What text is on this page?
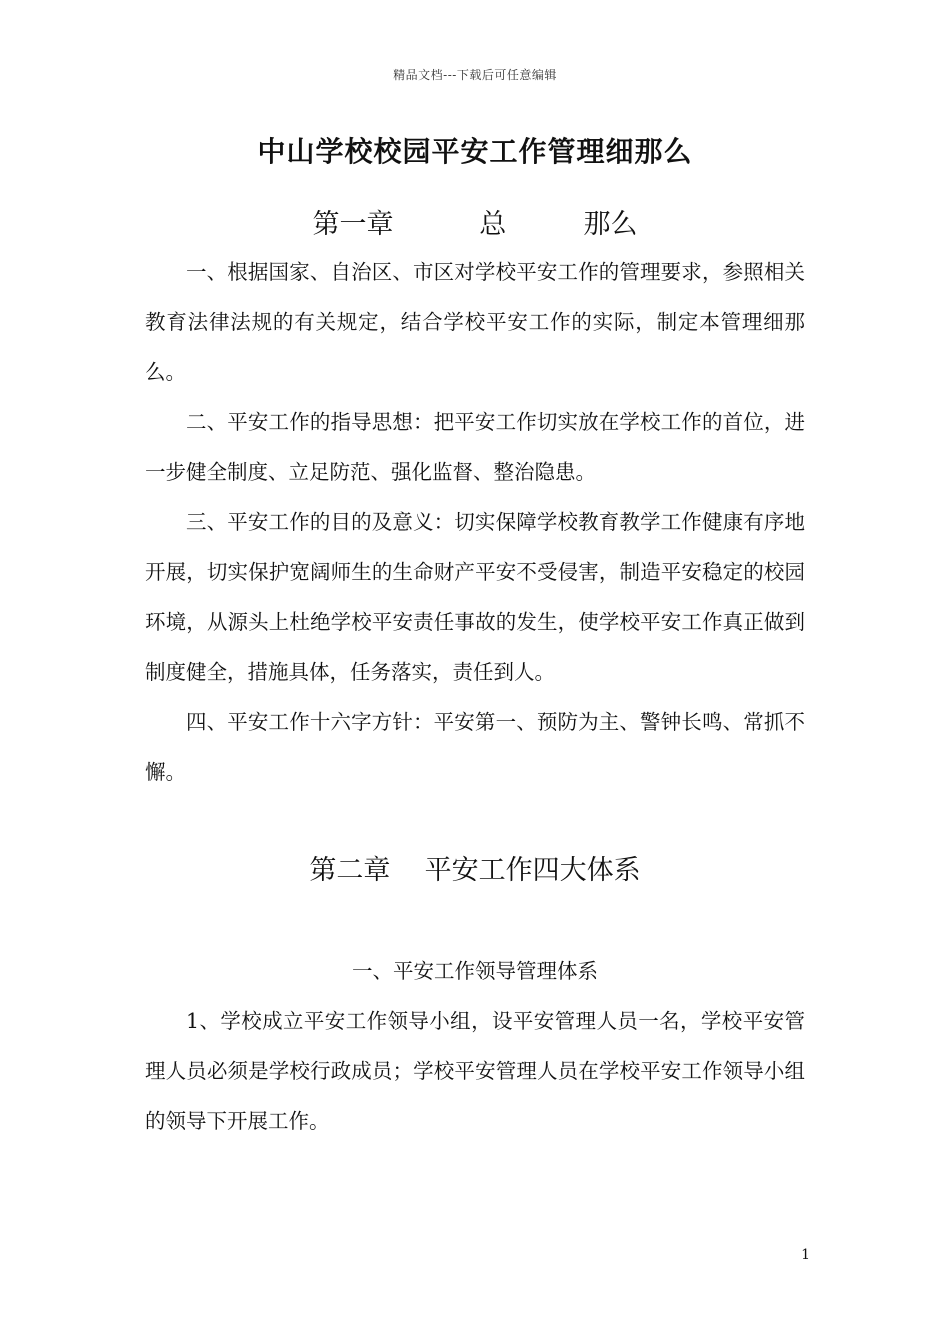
精品文档---下载后可任意编辑
中山学校校园平安工作管理细那么
第一章          总         那么

一、根据国家、自治区、市区对学校平安工作的管理要求，参照相关教育法律法规的有关规定，结合学校平安工作的实际，制定本管理细那么。

二、平安工作的指导思想：把平安工作切实放在学校工作的首位，进一步健全制度、立足防范、强化监督、整治隐患。

三、平安工作的目的及意义：切实保障学校教育教学工作健康有序地开展，切实保护宽阔师生的生命财产平安不受侵害，制造平安稳定的校园环境，从源头上杜绝学校平安责任事故的发生，使学校平安工作真正做到制度健全，措施具体，任务落实，责任到人。

四、平安工作十六字方针：平安第一、预防为主、警钟长鸣、常抓不懈。

第二章    平安工作四大体系
一、平安工作领导管理体系

1、学校成立平安工作领导小组，设平安管理人员一名，学校平安管理人员必须是学校行政成员；学校平安管理人员在学校平安工作领导小组的领导下开展工作。

1
